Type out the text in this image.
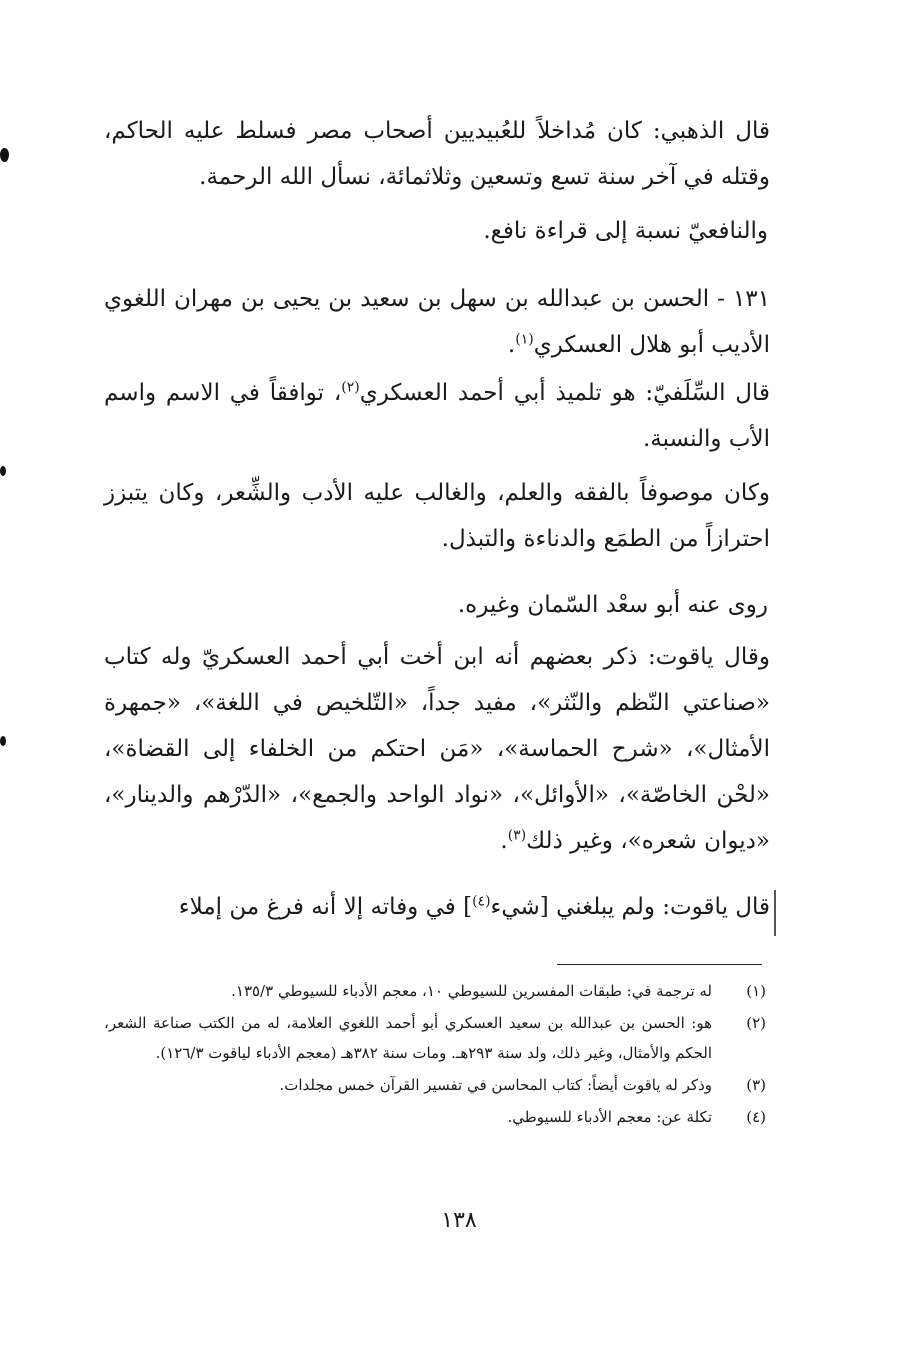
قال الذهبي: كان مُداخلاً للعُبيديين أصحاب مصر فسلط عليه الحاكم، وقتله في آخر سنة تسع وتسعين وثلاثمائة، نسأل الله الرحمة.

والنافعيّ نسبة إلى قراءة نافع.

١٣١ - الحسن بن عبدالله بن سهل بن سعيد بن يحيى بن مهران اللغوي الأديب أبو هلال العسكري$^{(١)}$.

قال السِّلَفيّ: هو تلميذ أبي أحمد العسكري$^{(٢)}$، توافقاً في الاسم واسم الأب والنسبة.

وكان موصوفاً بالفقه والعلم، والغالب عليه الأدب والشِّعر، وكان يتبزز احترازاً من الطمَع والدناءة والتبذل.

روى عنه أبو سعْد السّمان وغيره.

وقال ياقوت: ذكر بعضهم أنه ابن أخت أبي أحمد العسكريّ وله كتاب «صناعتي النّظم والنّثر»، مفيد جداً، «التّلخيص في اللغة»، «جمهرة الأمثال»، «شرح الحماسة»، «مَن احتكم من الخلفاء إلى القضاة»، «لحْن الخاصّة»، «الأوائل»، «نواد الواحد والجمع»، «الدّرْهم والدينار»، «ديوان شعره»، وغير ذلك$^{(٣)}$.

قال ياقوت: ولم يبلغني [شيء$^{(٤)}$] في وفاته إلا أنه فرغ من إملاء

(١)
له ترجمة في: طبقات المفسرين للسيوطي ١٠، معجم الأدباء للسيوطي ١٣٥/٣.
(٢)
هو: الحسن بن عبدالله بن سعيد العسكري أبو أحمد اللغوي العلامة، له من الكتب صناعة الشعر، الحكم والأمثال، وغير ذلك، ولد سنة ٢٩٣هـ. ومات سنة ٣٨٢هـ (معجم الأدباء لياقوت ١٢٦/٣).
(٣)
وذكر له ياقوت أيضاً: كتاب المحاسن في تفسير القرآن خمس مجلدات.
(٤)
تكلة عن: معجم الأدباء للسيوطي.
١٣٨
